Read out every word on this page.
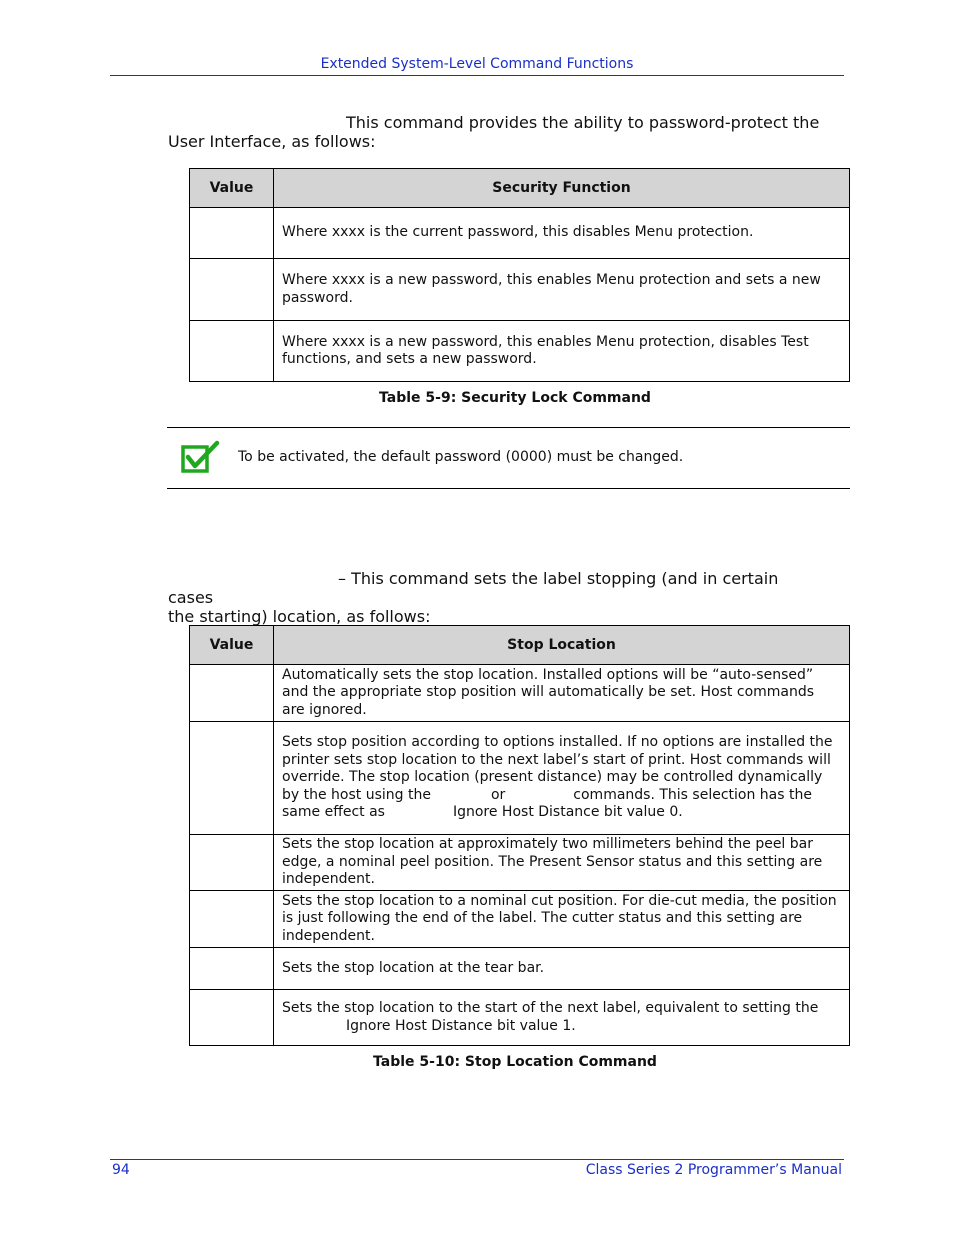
Extended System-Level Command Functions
This command provides the ability to password-protect the
User Interface, as follows:
Value	Security Function
	Where xxxx is the current password, this disables Menu protection.
	Where xxxx is a new password, this enables Menu protection and sets a new password.
	Where xxxx is a new password, this enables Menu protection, disables Test functions, and sets a new password.
Table 5-9: Security Lock Command
To be activated, the default password (0000) must be changed.
– This command sets the label stopping (and in certain cases
the starting) location, as follows:
Value	Stop Location
	Automatically sets the stop location. Installed options will be “auto-sensed” and the appropriate stop position will automatically be set. Host commands are ignored.
	Sets stop position according to options installed. If no options are installed the printer sets stop location to the next label’s start of print. Host commands will override. The stop location (present distance) may be controlled dynamically
by the host using the or commands. This selection has the
same effect as Ignore Host Distance bit value 0.
	Sets the stop location at approximately two millimeters behind the peel bar edge, a nominal peel position. The Present Sensor status and this setting are independent.
	Sets the stop location to a nominal cut position. For die-cut media, the position is just following the end of the label. The cutter status and this setting are independent.
	Sets the stop location at the tear bar.
	Sets the stop location to the start of the next label, equivalent to setting the
Ignore Host Distance bit value 1.
Table 5-10: Stop Location Command
94	Class Series 2 Programmer’s Manual
